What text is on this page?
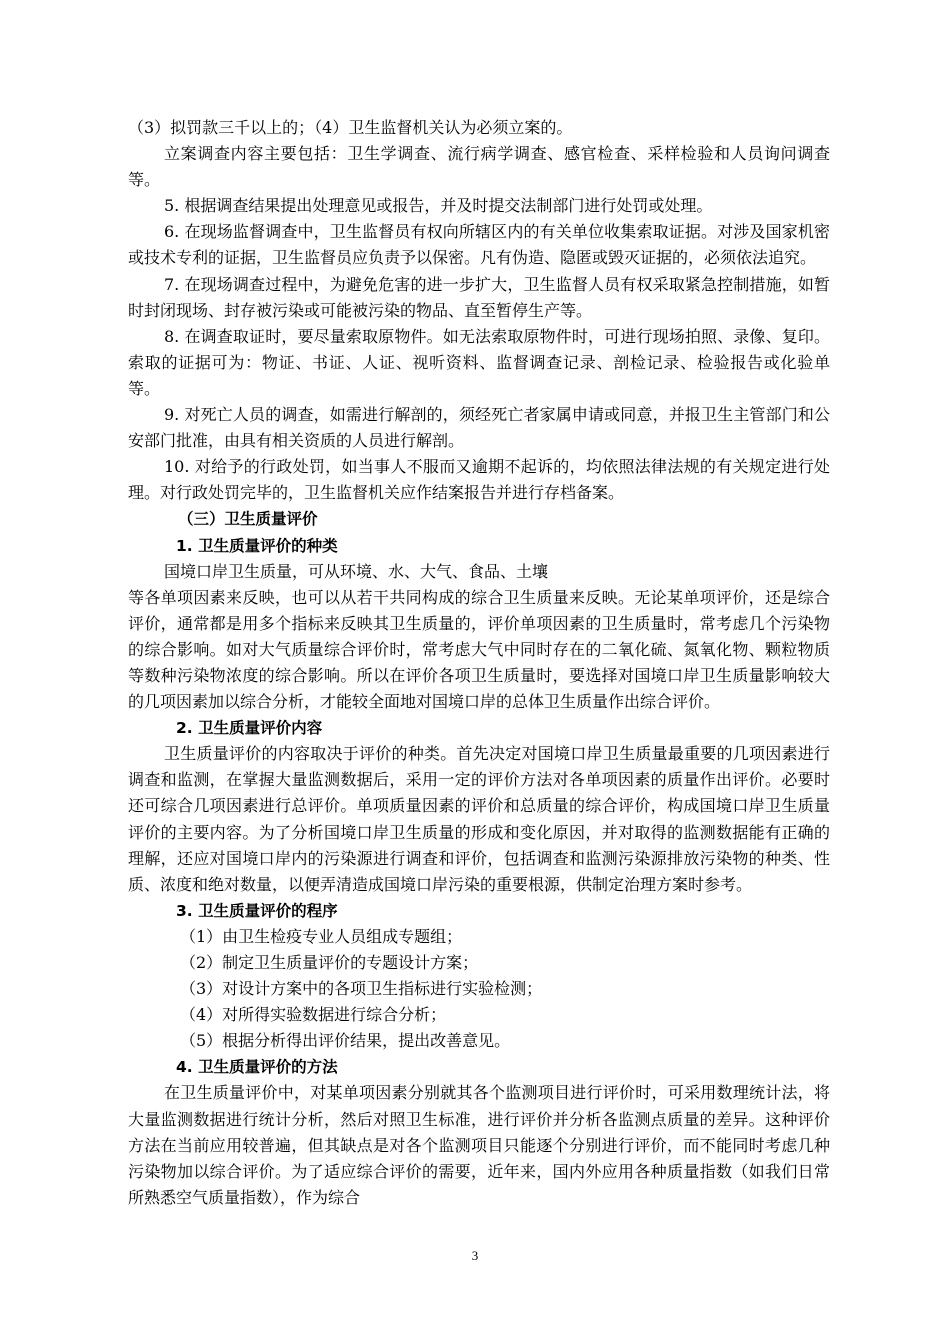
（3）拟罚款三千以上的；（4）卫生监督机关认为必须立案的。

立案调查内容主要包括：卫生学调查、流行病学调查、感官检查、采样检验和人员询问调查等。

5. 根据调查结果提出处理意见或报告，并及时提交法制部门进行处罚或处理。

6. 在现场监督调查中，卫生监督员有权向所辖区内的有关单位收集索取证据。对涉及国家机密或技术专利的证据，卫生监督员应负责予以保密。凡有伪造、隐匿或毁灭证据的，必须依法追究。

7. 在现场调查过程中，为避免危害的进一步扩大，卫生监督人员有权采取紧急控制措施，如暂时封闭现场、封存被污染或可能被污染的物品、直至暂停生产等。

8. 在调查取证时，要尽量索取原物件。如无法索取原物件时，可进行现场拍照、录像、复印。索取的证据可为：物证、书证、人证、视听资料、监督调查记录、剖检记录、检验报告或化验单等。

9. 对死亡人员的调查，如需进行解剖的，须经死亡者家属申请或同意，并报卫生主管部门和公安部门批准，由具有相关资质的人员进行解剖。

10. 对给予的行政处罚，如当事人不服而又逾期不起诉的，均依照法律法规的有关规定进行处理。对行政处罚完毕的，卫生监督机关应作结案报告并进行存档备案。

（三）卫生质量评价

1. 卫生质量评价的种类

国境口岸卫生质量，可从环境、水、大气、食品、土壤

等各单项因素来反映，也可以从若干共同构成的综合卫生质量来反映。无论某单项评价，还是综合评价，通常都是用多个指标来反映其卫生质量的，评价单项因素的卫生质量时，常考虑几个污染物的综合影响。如对大气质量综合评价时，常考虑大气中同时存在的二氧化硫、氮氧化物、颗粒物质等数种污染物浓度的综合影响。所以在评价各项卫生质量时，要选择对国境口岸卫生质量影响较大的几项因素加以综合分析，才能较全面地对国境口岸的总体卫生质量作出综合评价。

2. 卫生质量评价内容

卫生质量评价的内容取决于评价的种类。首先决定对国境口岸卫生质量最重要的几项因素进行调查和监测，在掌握大量监测数据后，采用一定的评价方法对各单项因素的质量作出评价。必要时还可综合几项因素进行总评价。单项质量因素的评价和总质量的综合评价，构成国境口岸卫生质量评价的主要内容。为了分析国境口岸卫生质量的形成和变化原因，并对取得的监测数据能有正确的理解，还应对国境口岸内的污染源进行调查和评价，包括调查和监测污染源排放污染物的种类、性质、浓度和绝对数量，以便弄清造成国境口岸污染的重要根源，供制定治理方案时参考。

3. 卫生质量评价的程序

（1）由卫生检疫专业人员组成专题组；

（2）制定卫生质量评价的专题设计方案；

（3）对设计方案中的各项卫生指标进行实验检测；

（4）对所得实验数据进行综合分析；

（5）根据分析得出评价结果，提出改善意见。

4. 卫生质量评价的方法

在卫生质量评价中，对某单项因素分别就其各个监测项目进行评价时，可采用数理统计法，将大量监测数据进行统计分析，然后对照卫生标准，进行评价并分析各监测点质量的差异。这种评价方法在当前应用较普遍，但其缺点是对各个监测项目只能逐个分别进行评价，而不能同时考虑几种污染物加以综合评价。为了适应综合评价的需要，近年来，国内外应用各种质量指数（如我们日常所熟悉空气质量指数），作为综合

3
